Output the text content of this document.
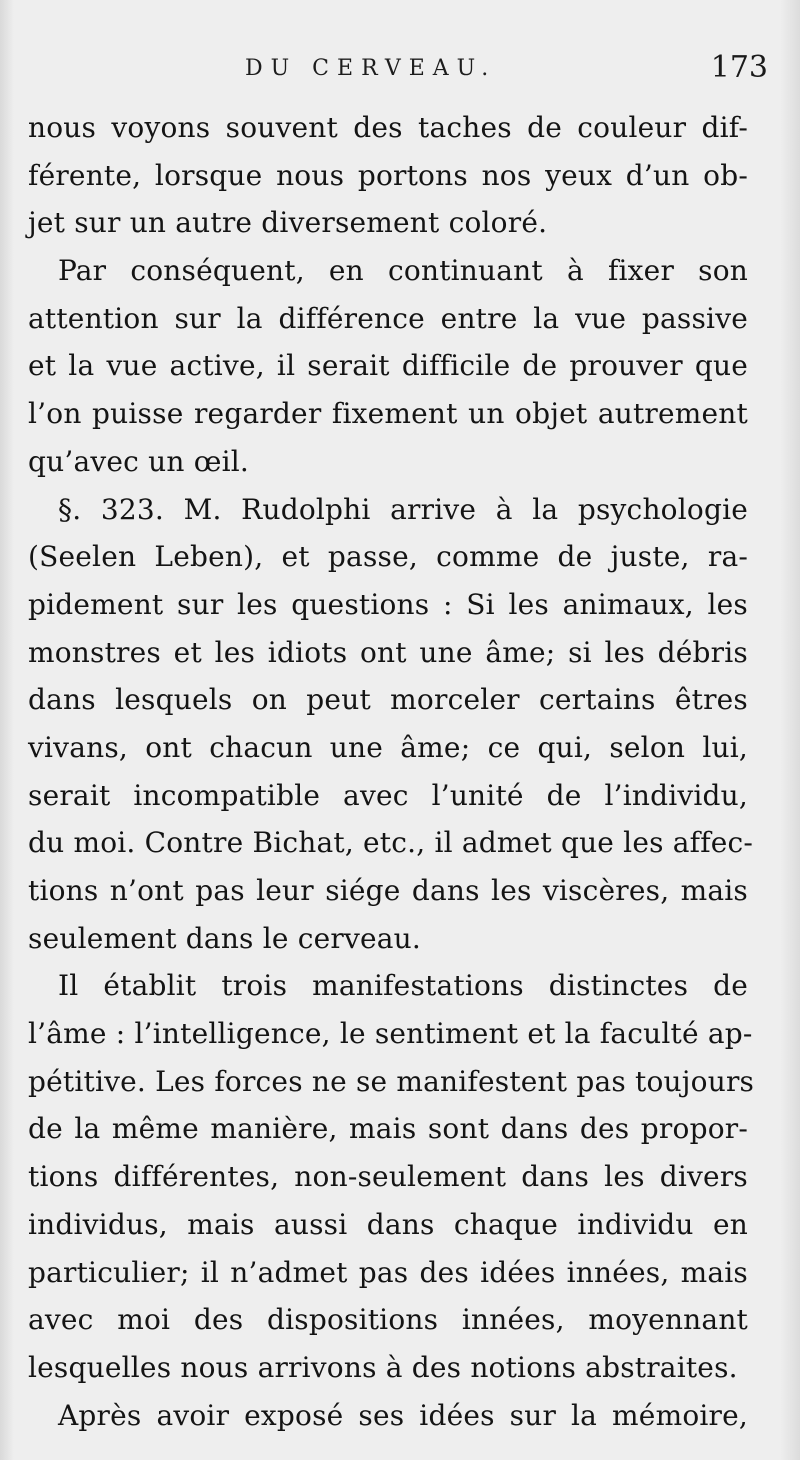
DU CERVEAU.	173
nous voyons souvent des taches de couleur dif-
férente, lorsque nous portons nos yeux d’un ob-
jet sur un autre diversement coloré.
Par conséquent, en continuant à fixer son
attention sur la différence entre la vue passive
et la vue active, il serait difficile de prouver que
l’on puisse regarder fixement un objet autrement
qu’avec un œil.
§. 323. M. Rudolphi arrive à la psychologie
(Seelen Leben), et passe, comme de juste, ra-
pidement sur les questions : Si les animaux, les
monstres et les idiots ont une âme; si les débris
dans lesquels on peut morceler certains êtres
vivans, ont chacun une âme; ce qui, selon lui,
serait incompatible avec l’unité de l’individu,
du moi. Contre Bichat, etc., il admet que les affec-
tions n’ont pas leur siége dans les viscères, mais
seulement dans le cerveau.
Il établit trois manifestations distinctes de
l’âme : l’intelligence, le sentiment et la faculté ap-
pétitive. Les forces ne se manifestent pas toujours
de la même manière, mais sont dans des propor-
tions différentes, non-seulement dans les divers
individus, mais aussi dans chaque individu en
particulier; il n’admet pas des idées innées, mais
avec moi des dispositions innées, moyennant
lesquelles nous arrivons à des notions abstraites.
Après avoir exposé ses idées sur la mémoire,
